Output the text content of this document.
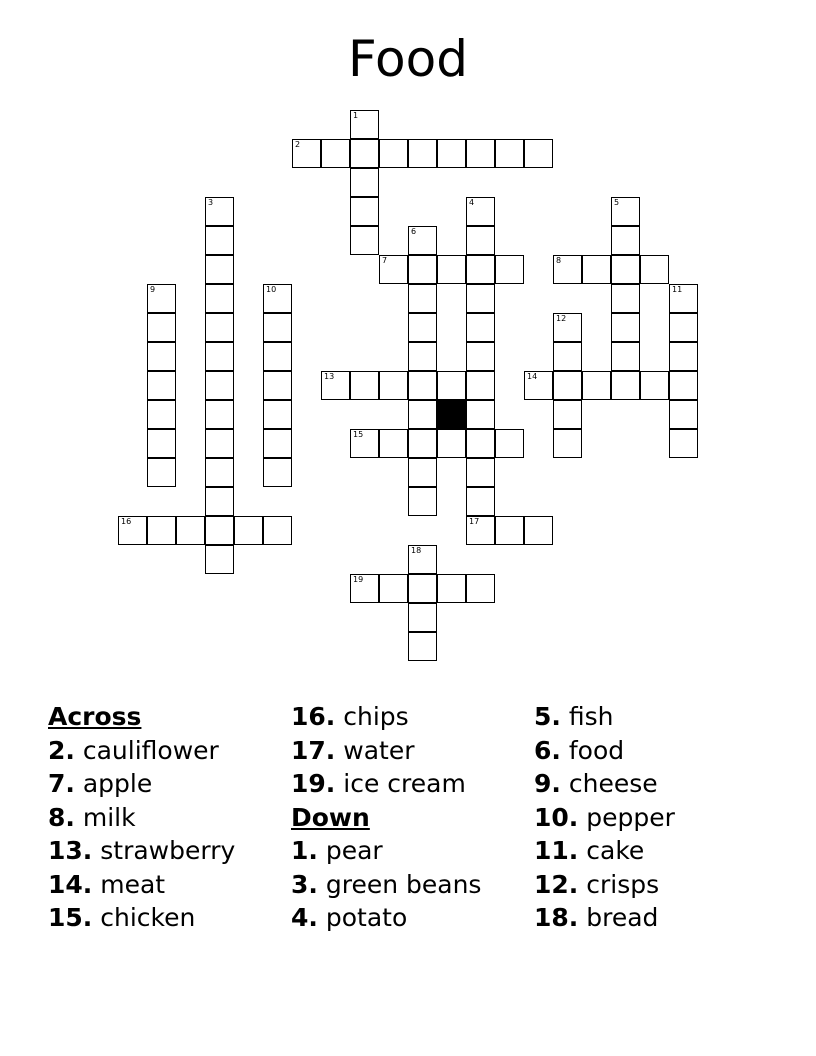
Food
1
2
3	4	5
6
7	8
9	10	11
12
13	14
15
16	17
18
19
Across
2. cauliflower
7. apple
8. milk
13. strawberry
14. meat
15. chicken
16. chips
17. water
19. ice cream
Down
1. pear
3. green beans
4. potato
5. fish
6. food
9. cheese
10. pepper
11. cake
12. crisps
18. bread
